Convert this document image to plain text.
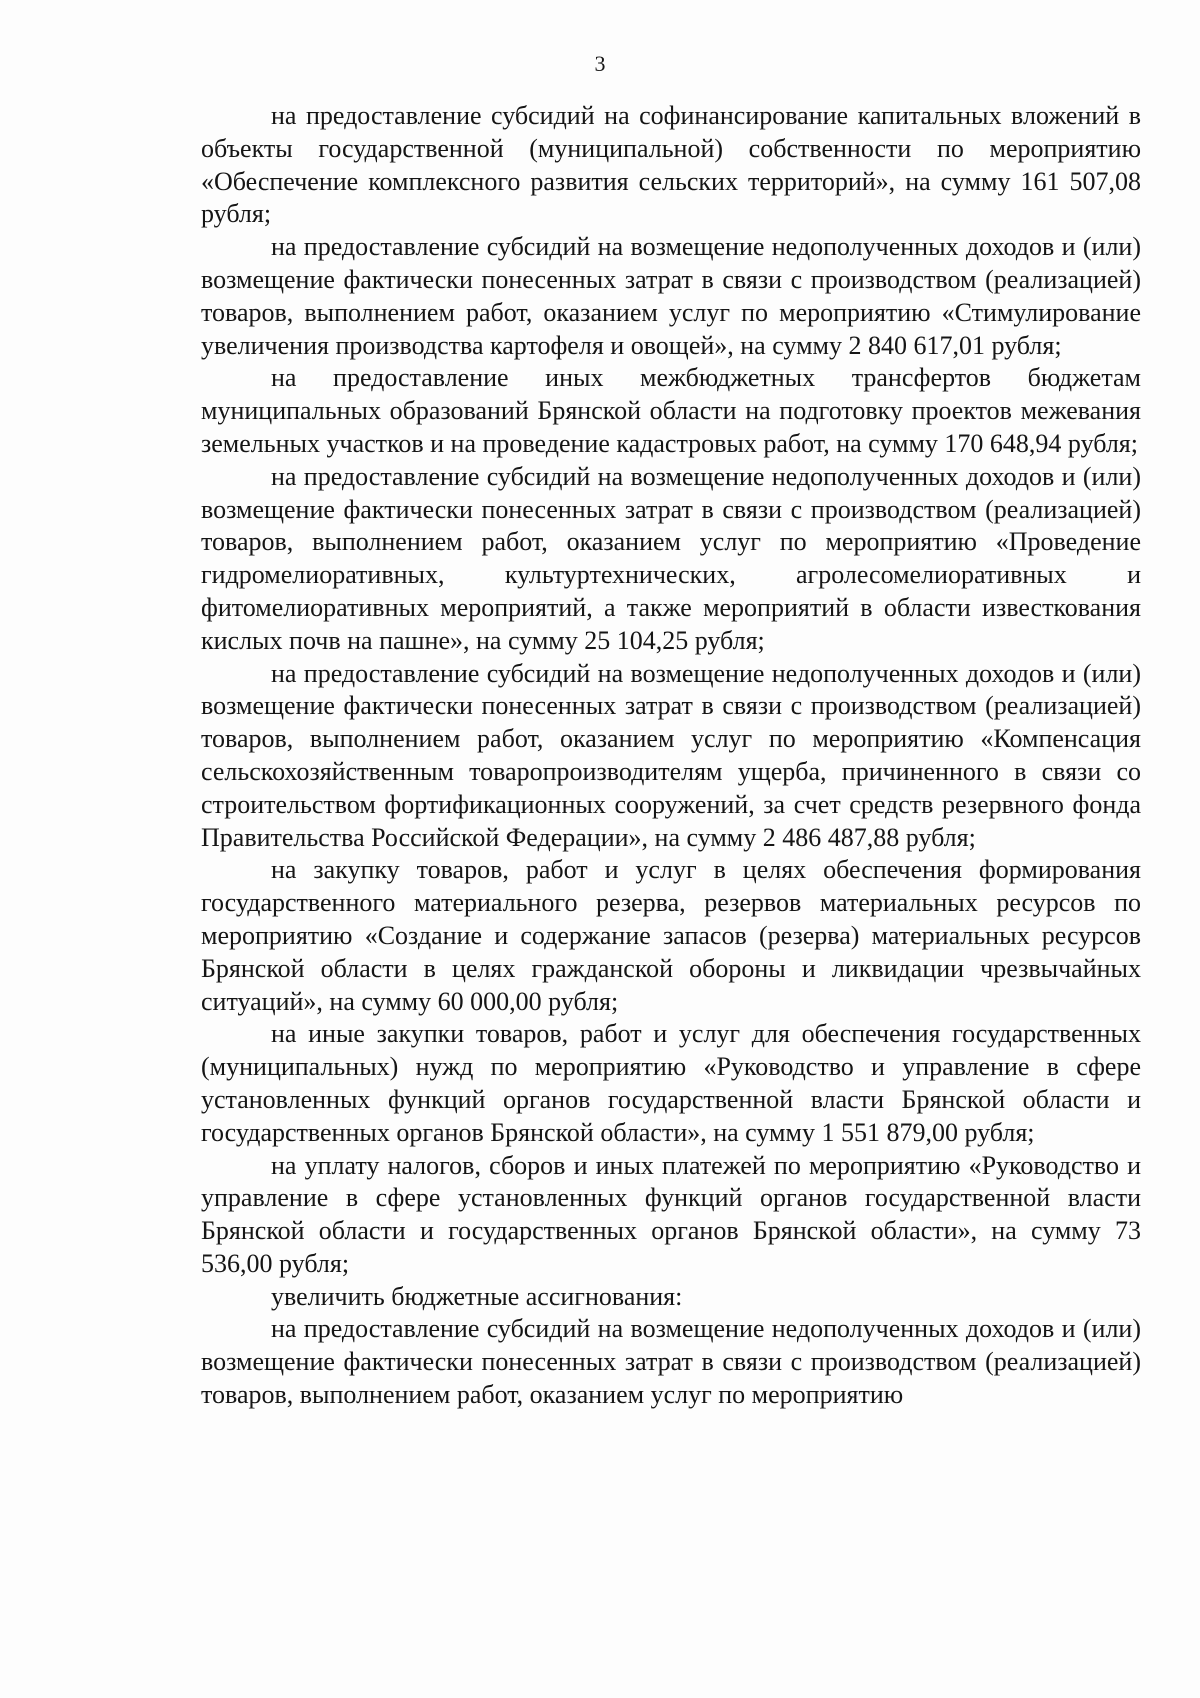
3

на предоставление субсидий на софинансирование капитальных вложений в объекты государственной (муниципальной) собственности по мероприятию «Обеспечение комплексного развития сельских территорий», на сумму 161 507,08 рубля;

на предоставление субсидий на возмещение недополученных доходов и (или) возмещение фактически понесенных затрат в связи с производством (реализацией) товаров, выполнением работ, оказанием услуг по мероприятию «Стимулирование увеличения производства картофеля и овощей», на сумму 2 840 617,01 рубля;

на предоставление иных межбюджетных трансфертов бюджетам муниципальных образований Брянской области на подготовку проектов межевания земельных участков и на проведение кадастровых работ, на сумму 170 648,94 рубля;

на предоставление субсидий на возмещение недополученных доходов и (или) возмещение фактически понесенных затрат в связи с производством (реализацией) товаров, выполнением работ, оказанием услуг по мероприятию «Проведение гидромелиоративных, культуртехнических, агролесомелиоративных и фитомелиоративных мероприятий, а также мероприятий в области известкования кислых почв на пашне», на сумму 25 104,25 рубля;

на предоставление субсидий на возмещение недополученных доходов и (или) возмещение фактически понесенных затрат в связи с производством (реализацией) товаров, выполнением работ, оказанием услуг по мероприятию «Компенсация сельскохозяйственным товаропроизводителям ущерба, причиненного в связи со строительством фортификационных сооружений, за счет средств резервного фонда Правительства Российской Федерации», на сумму 2 486 487,88 рубля;

на закупку товаров, работ и услуг в целях обеспечения формирования государственного материального резерва, резервов материальных ресурсов по мероприятию «Создание и содержание запасов (резерва) материальных ресурсов Брянской области в целях гражданской обороны и ликвидации чрезвычайных ситуаций», на сумму 60 000,00 рубля;

на иные закупки товаров, работ и услуг для обеспечения государственных (муниципальных) нужд по мероприятию «Руководство и управление в сфере установленных функций органов государственной власти Брянской области и государственных органов Брянской области», на сумму 1 551 879,00 рубля;

на уплату налогов, сборов и иных платежей по мероприятию «Руководство и управление в сфере установленных функций органов государственной власти Брянской области и государственных органов Брянской области», на сумму 73 536,00 рубля;

увеличить бюджетные ассигнования:

на предоставление субсидий на возмещение недополученных доходов и (или) возмещение фактически понесенных затрат в связи с производством (реализацией) товаров, выполнением работ, оказанием услуг по мероприятию
